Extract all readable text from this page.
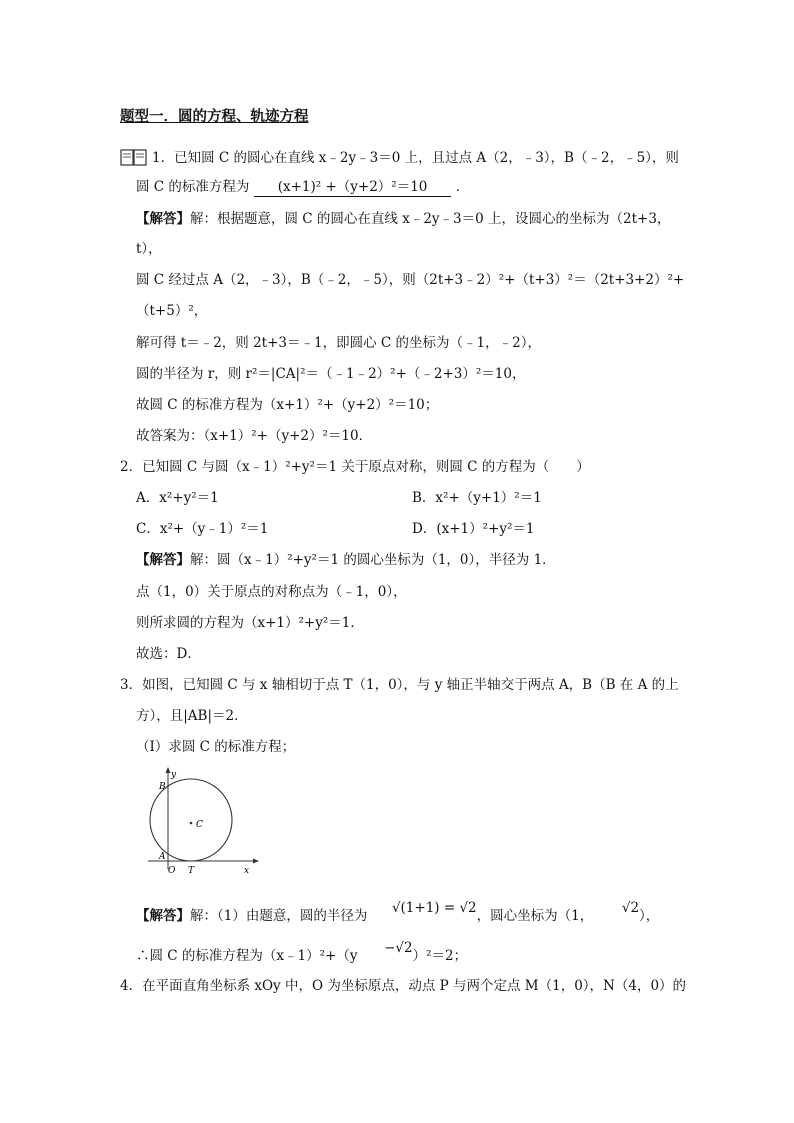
题型一．圆的方程、轨迹方程
1．已知圆 C 的圆心在直线 x﹣2y﹣3＝0 上，且过点 A（2，﹣3），B（﹣2，﹣5），则
圆 C 的标准方程为 (x+1)² +（y+2）²＝10 ．
【解答】解：根据题意，圆 C 的圆心在直线 x﹣2y﹣3＝0 上，设圆心的坐标为（2t+3，
t），
圆 C 经过点 A（2，﹣3），B（﹣2，﹣5），则（2t+3﹣2）²+（t+3）²＝（2t+3+2）²+
（t+5）²，
解可得 t＝﹣2，则 2t+3＝﹣1，即圆心 C 的坐标为（﹣1，﹣2），
圆的半径为 r，则 r²＝|CA|²＝（﹣1﹣2）²+（﹣2+3）²＝10，
故圆 C 的标准方程为（x+1）²+（y+2）²＝10；
故答案为：（x+1）²+（y+2）²＝10．
2．已知圆 C 与圆（x﹣1）²+y²＝1 关于原点对称，则圆 C 的方程为（　　）
A．x²+y²＝1	B．x²+（y+1）²＝1
C．x²+（y﹣1）²＝1	D．(x+1）²+y²＝1
【解答】解：圆（x﹣1）²+y²＝1 的圆心坐标为（1，0），半径为 1．
点（1，0）关于原点的对称点为（﹣1，0），
则所求圆的方程为（x+1）²+y²＝1．
故选：D．
3．如图，已知圆 C 与 x 轴相切于点 T（1，0），与 y 轴正半轴交于两点 A，B（B 在 A 的上
方），且|AB|＝2．
（Ⅰ）求圆 C 的标准方程；
y
x
B
A
O T
C
【解答】解：（1）由题意，圆的半径为 √(1+1) = √2，圆心坐标为（1， √2），
∴圆 C 的标准方程为（x﹣1）²+（y −√2）²＝2；
4．在平面直角坐标系 xOy 中，O 为坐标原点，动点 P 与两个定点 M（1，0），N（4，0）的
